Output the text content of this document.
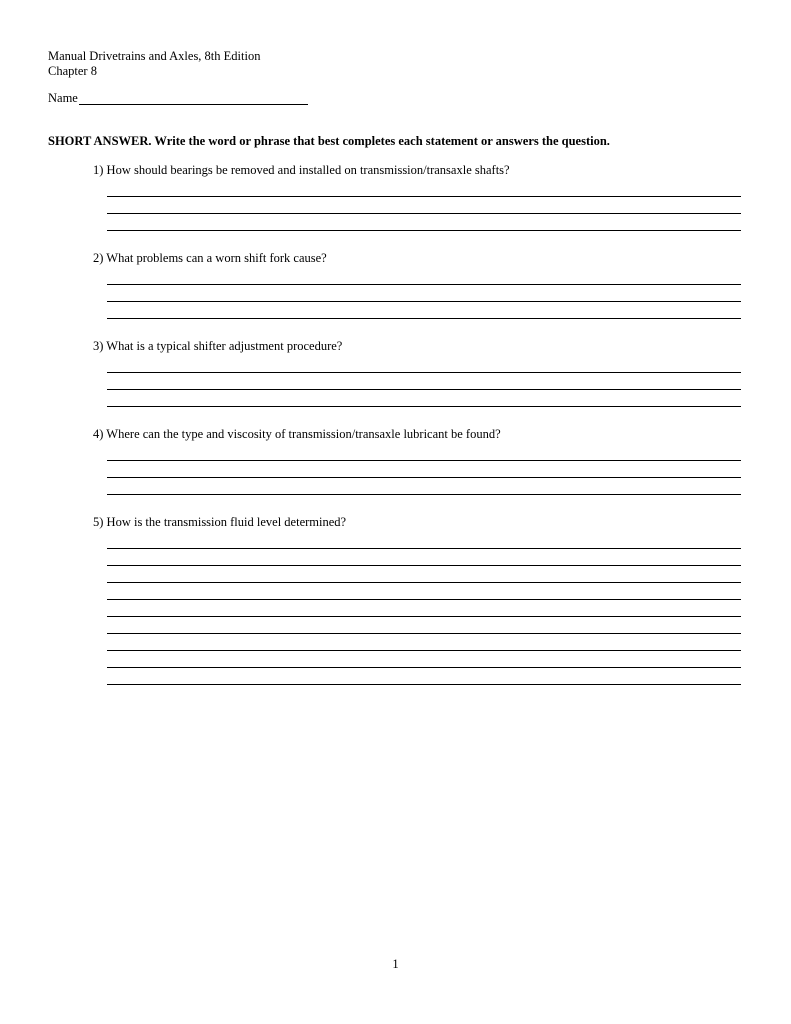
Manual Drivetrains and Axles, 8th Edition
Chapter 8
Name
SHORT ANSWER. Write the word or phrase that best completes each statement or answers the question.
1) How should bearings be removed and installed on transmission/transaxle shafts?
2) What problems can a worn shift fork cause?
3) What is a typical shifter adjustment procedure?
4) Where can the type and viscosity of transmission/transaxle lubricant be found?
5) How is the transmission fluid level determined?
1
